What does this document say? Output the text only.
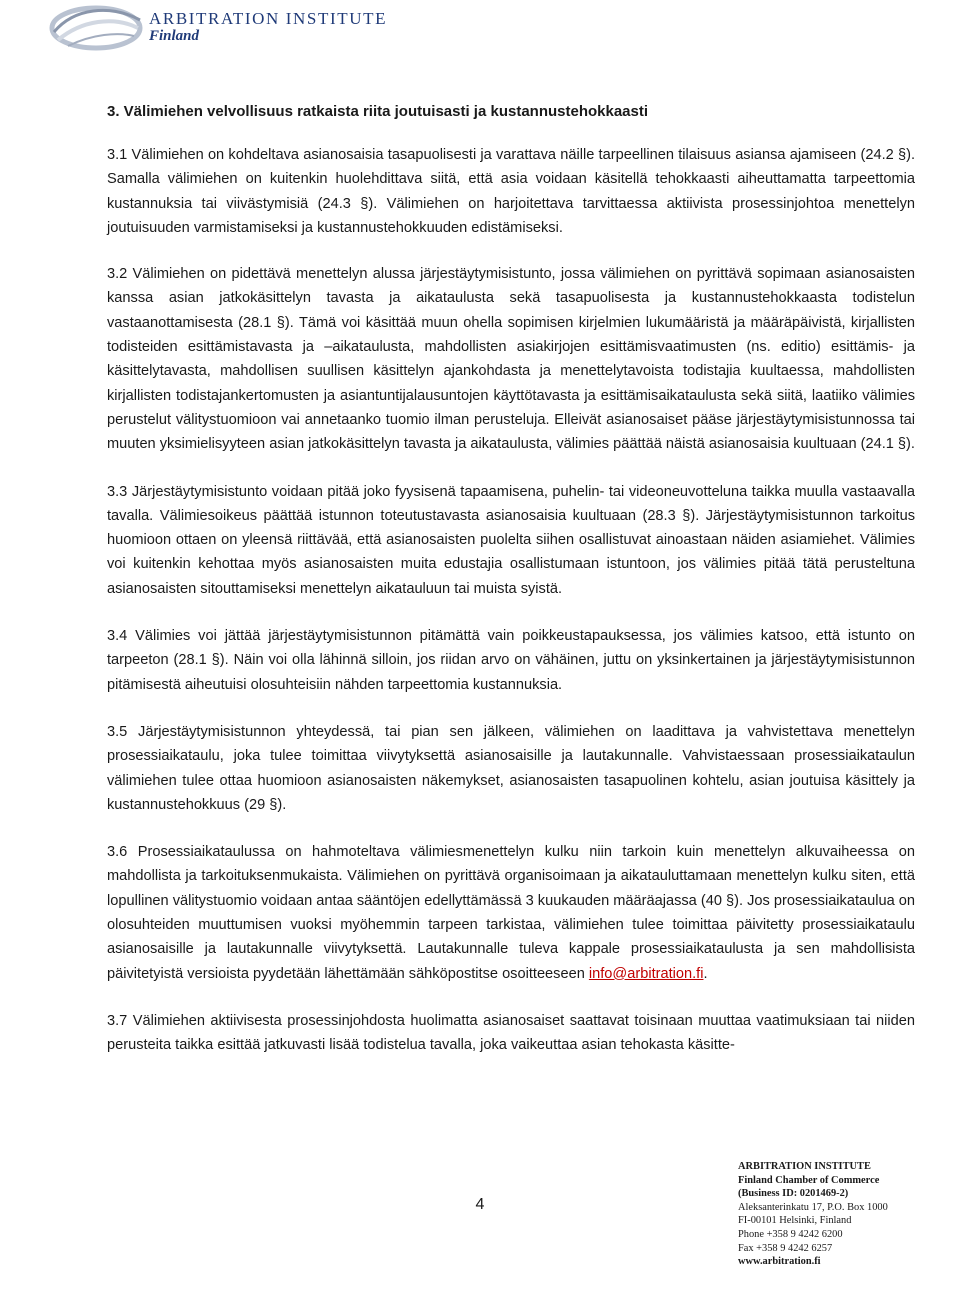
ARBITRATION INSTITUTE

Finland

3. Välimiehen velvollisuus ratkaista riita joutuisasti ja kustannustehokkaasti

3.1 Välimiehen on kohdeltava asianosaisia tasapuolisesti ja varattava näille tarpeellinen tilaisuus asiansa ajamiseen (24.2 §). Samalla välimiehen on kuitenkin huolehdittava siitä, että asia voidaan käsitellä tehokkaasti aiheuttamatta tarpeettomia kustannuksia tai viivästymisiä (24.3 §). Välimiehen on harjoitettava tarvittaessa aktiivista prosessinjohtoa menettelyn joutuisuuden varmistamiseksi ja kustannustehokkuuden edistämiseksi.

3.2 Välimiehen on pidettävä menettelyn alussa järjestäytymisistunto, jossa välimiehen on pyrittävä sopimaan asianosaisten kanssa asian jatkokäsittelyn tavasta ja aikataulusta sekä tasapuolisesta ja kustannustehokkaasta todistelun vastaanottamisesta (28.1 §). Tämä voi käsittää muun ohella sopimisen kirjelmien lukumääristä ja määräpäivistä, kirjallisten todisteiden esittämistavasta ja –aikataulusta, mahdollisten asiakirjojen esittämisvaatimusten (ns. editio) esittämis- ja käsittelytavasta, mahdollisen suullisen käsittelyn ajankohdasta ja menettelytavoista todistajia kuultaessa, mahdollisten kirjallisten todistajankertomusten ja asiantuntijalausuntojen käyttötavasta ja esittämisaikataulusta sekä siitä, laatiiko välimies perustelut välitystuomioon vai annetaanko tuomio ilman perusteluja. Elleivät asianosaiset pääse järjestäytymisistunnossa tai muuten yksimielisyyteen asian jatkokäsittelyn tavasta ja aikataulusta, välimies päättää näistä asianosaisia kuultuaan (24.1 §).

3.3 Järjestäytymisistunto voidaan pitää joko fyysisenä tapaamisena, puhelin- tai videoneuvotteluna taikka muulla vastaavalla tavalla. Välimiesoikeus päättää istunnon toteutustavasta asianosaisia kuultuaan (28.3 §). Järjestäytymisistunnon tarkoitus huomioon ottaen on yleensä riittävää, että asianosaisten puolelta siihen osallistuvat ainoastaan näiden asiamiehet. Välimies voi kuitenkin kehottaa myös asianosaisten muita edustajia osallistumaan istuntoon, jos välimies pitää tätä perusteltuna asianosaisten sitouttamiseksi menettelyn aikatauluun tai muista syistä.

3.4 Välimies voi jättää järjestäytymisistunnon pitämättä vain poikkeustapauksessa, jos välimies katsoo, että istunto on tarpeeton (28.1 §). Näin voi olla lähinnä silloin, jos riidan arvo on vähäinen, juttu on yksinkertainen ja järjestäytymisistunnon pitämisestä aiheutuisi olosuhteisiin nähden tarpeettomia kustannuksia.

3.5 Järjestäytymisistunnon yhteydessä, tai pian sen jälkeen, välimiehen on laadittava ja vahvistettava menettelyn prosessiaikataulu, joka tulee toimittaa viivytyksettä asianosaisille ja lautakunnalle. Vahvistaessaan prosessiaikataulun välimiehen tulee ottaa huomioon asianosaisten näkemykset, asianosaisten tasapuolinen kohtelu, asian joutuisa käsittely ja kustannustehokkuus (29 §).

3.6 Prosessiaikataulussa on hahmoteltava välimiesmenettelyn kulku niin tarkoin kuin menettelyn alkuvaiheessa on mahdollista ja tarkoituksenmukaista. Välimiehen on pyrittävä organisoimaan ja aikatauluttamaan menettelyn kulku siten, että lopullinen välitystuomio voidaan antaa sääntöjen edellyttämässä 3 kuukauden määräajassa (40 §). Jos prosessiaikataulua on olosuhteiden muuttumisen vuoksi myöhemmin tarpeen tarkistaa, välimiehen tulee toimittaa päivitetty prosessiaikataulu asianosaisille ja lautakunnalle viivytyksettä. Lautakunnalle tuleva kappale prosessiaikataulusta ja sen mahdollisista päivitetyistä versioista pyydetään lähettämään sähköpostitse osoitteeseen info@arbitration.fi.

3.7 Välimiehen aktiivisesta prosessinjohdosta huolimatta asianosaiset saattavat toisinaan muuttaa vaatimuksiaan tai niiden perusteita taikka esittää jatkuvasti lisää todistelua tavalla, joka vaikeuttaa asian tehokasta käsitte-

4
ARBITRATION INSTITUTE
Finland Chamber of Commerce
(Business ID: 0201469-2)
Aleksanterinkatu 17, P.O. Box 1000
FI-00101 Helsinki, Finland
Phone +358 9 4242 6200
Fax +358 9 4242 6257
www.arbitration.fi
